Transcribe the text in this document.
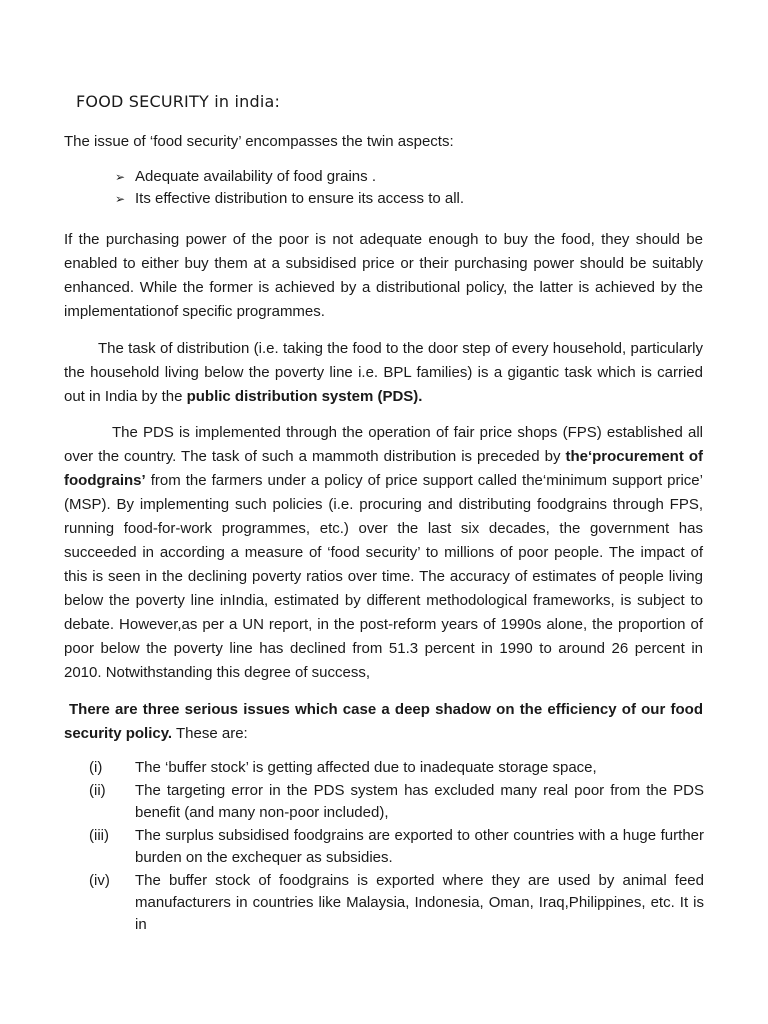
FOOD SECURITY in india:

The issue of ‘food security’ encompasses the twin aspects:

➢ Adequate availability of food grains .
➢ Its effective distribution to ensure its access to all.

If the purchasing power of the poor is not adequate enough to buy the food, they should be enabled to either buy them at a subsidised price or their purchasing power should be suitably enhanced. While the former is achieved by a distributional policy, the latter is achieved by the implementationof specific programmes.

The task of distribution (i.e. taking the food to the door step of every household, particularly the household living below the poverty line i.e. BPL families) is a gigantic task which is carried out in India by the public distribution system (PDS).

The PDS is implemented through the operation of fair price shops (FPS) established all over the country. The task of such a mammoth distribution is preceded by the‘procurement of foodgrains’ from the farmers under a policy of price support called the‘minimum support price’ (MSP). By implementing such policies (i.e. procuring and distributing foodgrains through FPS, running food-for-work programmes, etc.) over the last six decades, the government has succeeded in according a measure of ‘food security’ to millions of poor people. The impact of this is seen in the declining poverty ratios over time. The accuracy of estimates of people living below the poverty line inIndia, estimated by different methodological frameworks, is subject to debate. However,as per a UN report, in the post-reform years of 1990s alone, the proportion of poor below the poverty line has declined from 51.3 percent in 1990 to around 26 percent in 2010. Notwithstanding this degree of success,

There are three serious issues which case a deep shadow on the efficiency of our food security policy. These are:

(i)	The ‘buffer stock’ is getting affected due to inadequate storage space,
(ii)	The targeting error in the PDS system has excluded many real poor from the PDS benefit (and many non-poor included),
(iii)	The surplus subsidised foodgrains are exported to other countries with a huge further burden on the exchequer as subsidies.
(iv)	The buffer stock of foodgrains is exported where they are used by animal feed manufacturers in countries like Malaysia, Indonesia, Oman, Iraq,Philippines, etc. It is in
